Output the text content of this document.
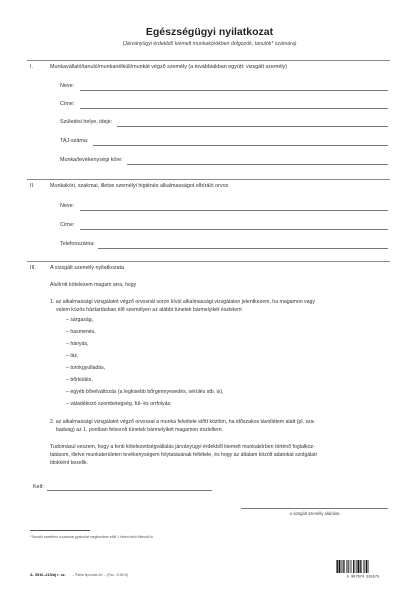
Egészségügyi nyilatkozat
(Járványügyi érdekből kiemelt munkakörökben dolgozók, tanulók* számára)
I.	Munkavállaló/tanuló/munkanélküli/munkát végző személy (a továbbiakban együtt: vizsgált személy)
Neve:
Címe:
Születési helye, ideje:
TAJ-száma:
Munka/tevékenységi köre:
II.	Munkaköri, szakmai, illetve személyi higiénés alkalmasságot elbíráló orvos
Neve:
Címe:
Telefonszáma:
III.	A vizsgált személy nyilatkozata
Alulírott kötelezem magam arra, hogy
1. az alkalmassági vizsgálatot végző orvosnál soron kívül alkalmassági vizsgálaton jelentkezem, ha magamon vagy
velem közös háztartásban élő személyen az alábbi tünetek bármelyikét észlelem:
– sárgaság,
– hasmenés,
– hányás,
– láz,
– torokgyulladás,
– bőrkiütés,
– egyéb bőrelváltozás (a legkisebb bőrgennyesedés, sérülés stb. is),
– váladékozó szembetegség, fül- és orrfolyás;
2. az alkalmassági vizsgálatot végző orvossal a munka felvétele előtt közlöm, ha időszakos távollétem alatt (pl. sza-
badság) az 1. pontban felsorolt tünetek bármelyikét magamon észleltem.
Tudomásul veszem, hogy a fenti kötelezettségvállalás járványügyi érdekből kiemelt munkakörben történő foglalkoz-
tatásom, illetve munkaterületen tevékenységem folytatásának feltétele, és hogy az általam közölt adatokat szolgálati
titokként kezelik.
Kelt:
a vizsgált személy aláírása
*Tanulók esetében a szakmai gyakorlat megkezdése előtt 1 héten belül töltendő ki.
A. 3510–215/új r. sz. – Pátria Nyomda Zrt. – (Fsz.: 5-96.N)
5 997674 325575
